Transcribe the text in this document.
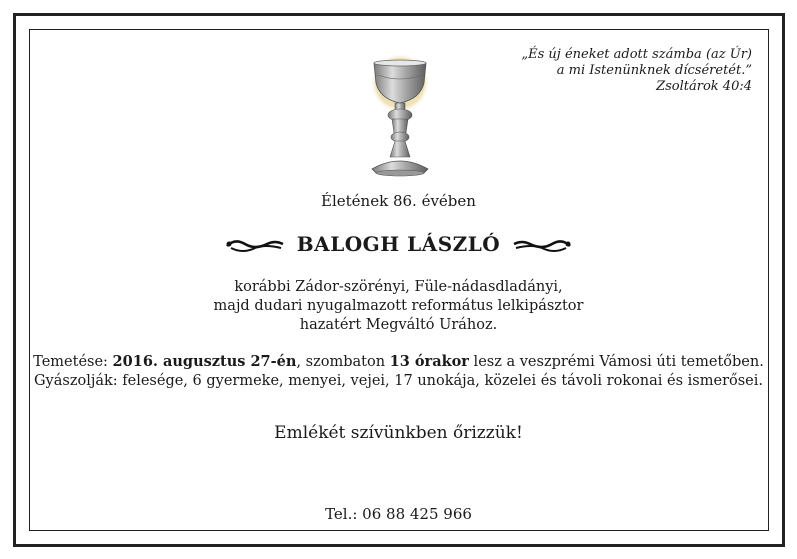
„És új éneket adott számba (az Úr)
a mi Istenünknek dícséretét.”
Zsoltárok 40:4
Életének 86. évében
BALOGH LÁSZLÓ
korábbi Zádor-szörényi, Füle-nádasdladányi,
majd dudari nyugalmazott református lelkipásztor
hazatért Megváltó Urához.
Temetése: 2016. augusztus 27-én, szombaton 13 órakor lesz a veszprémi Vámosi úti temetőben.
Gyászolják: felesége, 6 gyermeke, menyei, vejei, 17 unokája, közelei és távoli rokonai és ismerősei.
Emlékét szívünkben őrizzük!
Tel.: 06 88 425 966
